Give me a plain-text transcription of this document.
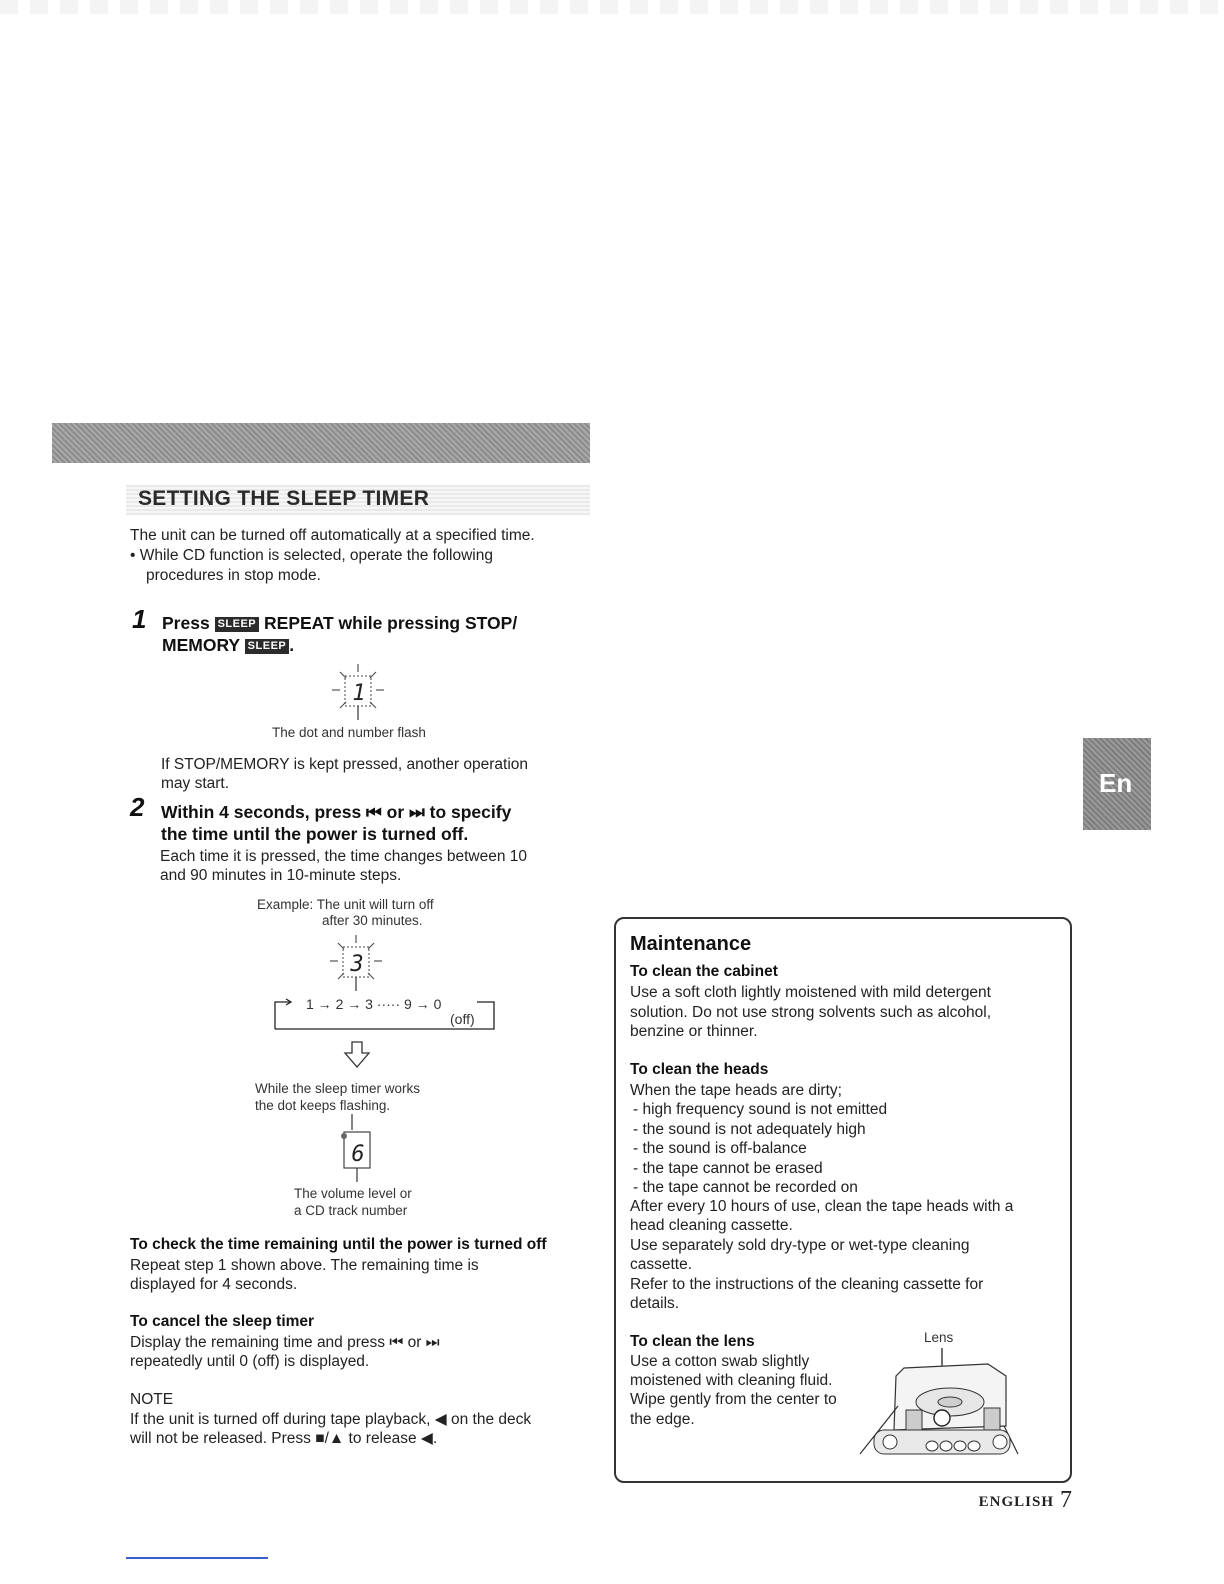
SETTING THE SLEEP TIMER
The unit can be turned off automatically at a specified time.
• While CD function is selected, operate the following
procedures in stop mode.
1 Press SLEEP REPEAT while pressing STOP/
MEMORY SLEEP .
1
The dot and number flash
If STOP/MEMORY is kept pressed, another operation
may start.
2 Within 4 seconds, press ⏮ or ⏭ to specify
the time until the power is turned off.
Each time it is pressed, the time changes between 10
and 90 minutes in 10-minute steps.
Example: The unit will turn off
after 30 minutes.
3
1 → 2 → 3 ····· 9 → 0
(off)
While the sleep timer works
the dot keeps flashing.
6
The volume level or
a CD track number
To check the time remaining until the power is turned off
Repeat step 1 shown above. The remaining time is
displayed for 4 seconds.
To cancel the sleep timer
Display the remaining time and press ⏮ or ⏭
repeatedly until 0 (off) is displayed.
NOTE
If the unit is turned off during tape playback, ◀ on the deck
will not be released. Press ■/▲ to release ◀.
Maintenance
To clean the cabinet
Use a soft cloth lightly moistened with mild detergent
solution. Do not use strong solvents such as alcohol,
benzine or thinner.
To clean the heads
When the tape heads are dirty;
- high frequency sound is not emitted
- the sound is not adequately high
- the sound is off-balance
- the tape cannot be erased
- the tape cannot be recorded on
After every 10 hours of use, clean the tape heads with a
head cleaning cassette.
Use separately sold dry-type or wet-type cleaning
cassette.
Refer to the instructions of the cleaning cassette for
details.
To clean the lens
Use a cotton swab slightly
moistened with cleaning fluid.
Wipe gently from the center to
the edge.
Lens
En
ENGLISH 7
